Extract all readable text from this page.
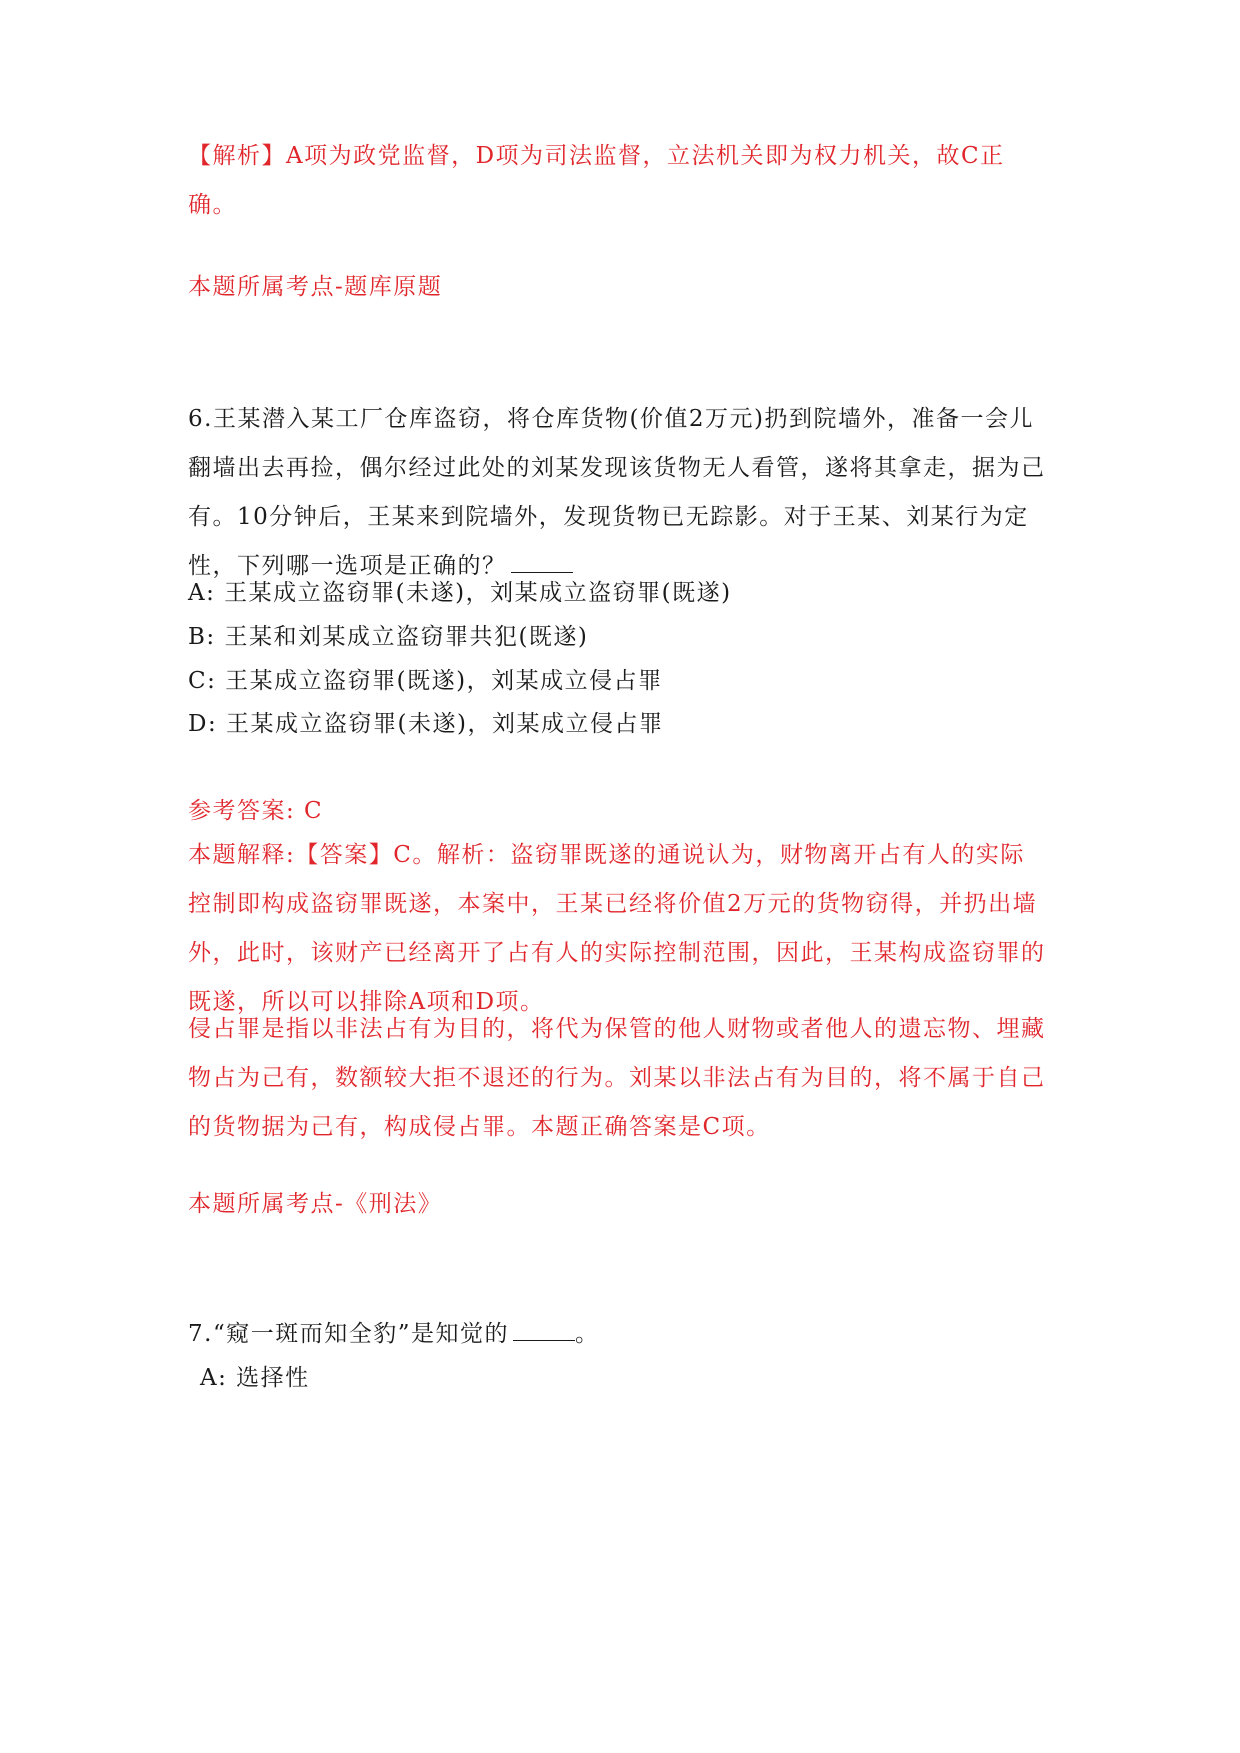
【解析】A项为政党监督，D项为司法监督，立法机关即为权力机关，故C正确。
本题所属考点-题库原题
6.王某潜入某工厂仓库盗窃，将仓库货物(价值2万元)扔到院墙外，准备一会儿翻墙出去再捡，偶尔经过此处的刘某发现该货物无人看管，遂将其拿走，据为己有。10分钟后，王某来到院墙外，发现货物已无踪影。对于王某、刘某行为定性，下列哪一选项是正确的？
A: 王某成立盗窃罪(未遂)，刘某成立盗窃罪(既遂)
B: 王某和刘某成立盗窃罪共犯(既遂)
C: 王某成立盗窃罪(既遂)，刘某成立侵占罪
D: 王某成立盗窃罪(未遂)，刘某成立侵占罪
参考答案: C
本题解释:【答案】C。解析：盗窃罪既遂的通说认为，财物离开占有人的实际控制即构成盗窃罪既遂，本案中，王某已经将价值2万元的货物窃得，并扔出墙外，此时，该财产已经离开了占有人的实际控制范围，因此，王某构成盗窃罪的既遂，所以可以排除A项和D项。
侵占罪是指以非法占有为目的，将代为保管的他人财物或者他人的遗忘物、埋藏物占为己有，数额较大拒不退还的行为。刘某以非法占有为目的，将不属于自己的货物据为己有，构成侵占罪。本题正确答案是C项。
本题所属考点-《刑法》
7.“窥一斑而知全豹”是知觉的	。
A: 选择性
